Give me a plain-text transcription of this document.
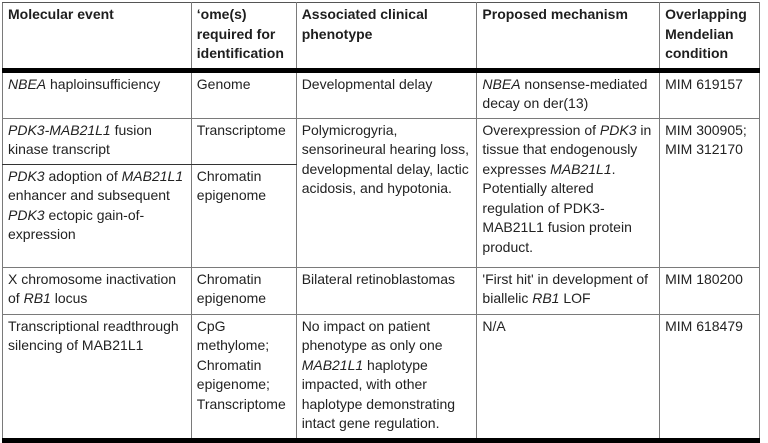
Molecular event	‘ome(s) required for identification	Associated clinical phenotype	Proposed mechanism	Overlapping Mendelian condition
NBEA haploinsufficiency	Genome	Developmental delay	NBEA nonsense-mediated decay on der(13)	MIM 619157
PDK3-MAB21L1 fusion kinase transcript	Transcriptome	Polymicrogyria, sensorineural hearing loss, developmental delay, lactic acidosis, and hypotonia.	Overexpression of PDK3 in tissue that endogenously expresses MAB21L1. Potentially altered regulation of PDK3-MAB21L1 fusion protein product.	MIM 300905; MIM 312170
PDK3 adoption of MAB21L1 enhancer and subsequent PDK3 ectopic gain-of-expression	Chromatin epigenome			
X chromosome inactivation of RB1 locus	Chromatin epigenome	Bilateral retinoblastomas	'First hit' in development of biallelic RB1 LOF	MIM 180200
Transcriptional readthrough silencing of MAB21L1	CpG methylome; Chromatin epigenome; Transcriptome	No impact on patient phenotype as only one MAB21L1 haplotype impacted, with other haplotype demonstrating intact gene regulation.	N/A	MIM 618479
